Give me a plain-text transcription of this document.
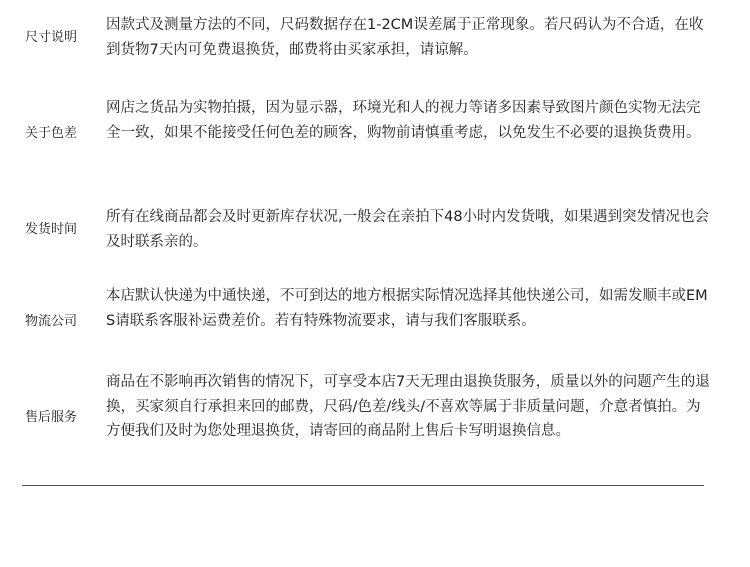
尺寸说明
因款式及测量方法的不同，尺码数据存在1-2CM误差属于正常现象。若尺码认为不合适，在收到货物7天内可免费退换货，邮费将由买家承担，请谅解。
关于色差
网店之货品为实物拍摄，因为显示器，环境光和人的视力等诸多因素导致图片颜色实物无法完全一致，如果不能接受任何色差的顾客，购物前请慎重考虑，以免发生不必要的退换货费用。
发货时间
所有在线商品都会及时更新库存状况,一般会在亲拍下48小时内发货哦，如果遇到突发情况也会及时联系亲的。
物流公司
本店默认快递为中通快递，不可到达的地方根据实际情况选择其他快递公司，如需发顺丰或EMS请联系客服补运费差价。若有特殊物流要求，请与我们客服联系。
售后服务
商品在不影响再次销售的情况下，可享受本店7天无理由退换货服务，质量以外的问题产生的退换，买家须自行承担来回的邮费，尺码/色差/线头/不喜欢等属于非质量问题，介意者慎拍。为方便我们及时为您处理退换货，请寄回的商品附上售后卡写明退换信息。
